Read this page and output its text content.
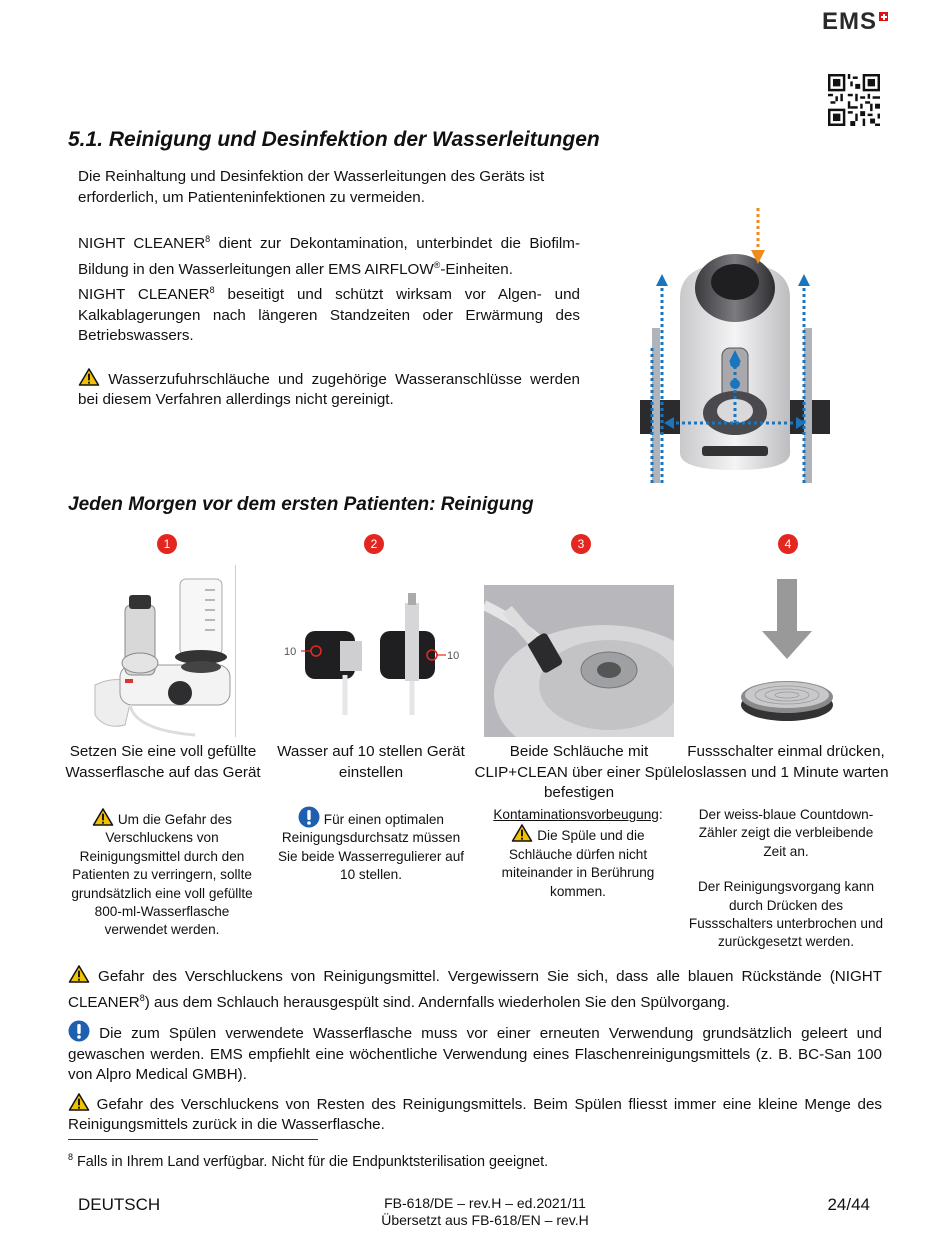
EMS
5.1. Reinigung und Desinfektion der Wasserleitungen

Die Reinhaltung und Desinfektion der Wasserleitungen des Geräts ist erforderlich, um Patienteninfektionen zu vermeiden.

NIGHT CLEANER$^8$ dient zur Dekontamination, unterbindet die Biofilm-Bildung in den Wasserleitungen aller EMS AIRFLOW®-Einheiten.

NIGHT CLEANER$^8$ beseitigt und schützt wirksam vor Algen- und Kalkablagerungen nach längeren Standzeiten oder Erwärmung des Betriebswassers.

Wasserzufuhrschläuche und zugehörige Wasseranschlüsse werden bei diesem Verfahren allerdings nicht gereinigt.

Jeden Morgen vor dem ersten Patienten: Reinigung
1	2	3	4
10	10
Setzen Sie eine voll gefüllte Wasserflasche auf das Gerät
Wasser auf 10 stellen Gerät einstellen
Beide Schläuche mit CLIP+CLEAN über einer Spüle befestigen
Fussschalter einmal drücken, loslassen und 1 Minute warten
Um die Gefahr des Verschluckens von Reinigungsmittel durch den Patienten zu verringern, sollte grundsätzlich eine voll gefüllte 800-ml-Wasserflasche verwendet werden.
Für einen optimalen Reinigungsdurchsatz müssen Sie beide Wasserregulierer auf 10 stellen.
Kontaminationsvorbeugung:
Die Spüle und die Schläuche dürfen nicht miteinander in Berührung kommen.
Der weiss-blaue Countdown-Zähler zeigt die verbleibende Zeit an.
Der Reinigungsvorgang kann durch Drücken des Fussschalters unterbrochen und zurückgesetzt werden.

Gefahr des Verschluckens von Reinigungsmittel. Vergewissern Sie sich, dass alle blauen Rückstände (NIGHT CLEANER$^8$) aus dem Schlauch herausgespült sind. Andernfalls wiederholen Sie den Spülvorgang.

Die zum Spülen verwendete Wasserflasche muss vor einer erneuten Verwendung grundsätzlich geleert und gewaschen werden. EMS empfiehlt eine wöchentliche Verwendung eines Flaschenreinigungsmittels (z. B. BC-San 100 von Alpro Medical GMBH).

Gefahr des Verschluckens von Resten des Reinigungsmittels. Beim Spülen fliesst immer eine kleine Menge des Reinigungsmittels zurück in die Wasserflasche.

$^8$ Falls in Ihrem Land verfügbar. Nicht für die Endpunktsterilisation geeignet.
DEUTSCH	FB-618/DE – rev.H – ed.2021/11
Übersetzt aus FB-618/EN – rev.H
24/44
